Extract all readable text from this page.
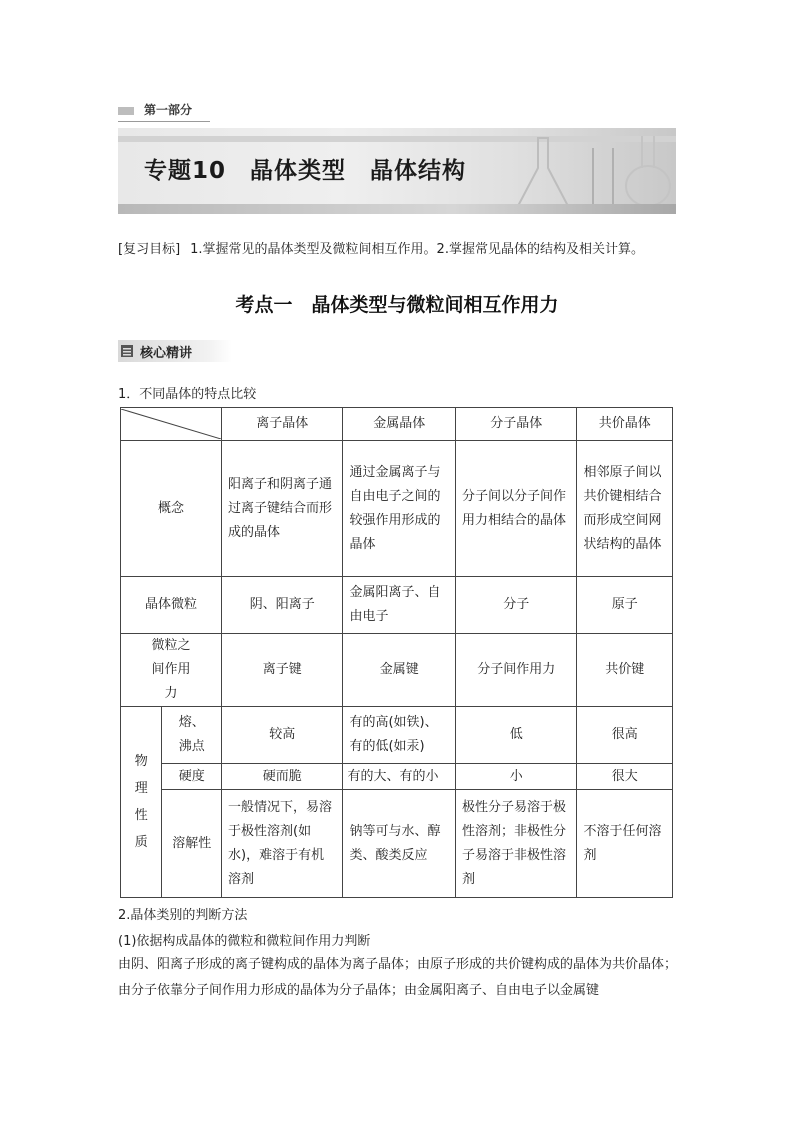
第一部分
专题10　晶体类型　晶体结构
[复习目标] 1.掌握常见的晶体类型及微粒间相互作用。2.掌握常见晶体的结构及相关计算。
考点一　晶体类型与微粒间相互作用力
核心精讲
1．不同晶体的特点比较
	离子晶体	金属晶体	分子晶体	共价晶体
概念		阳离子和阴离子通过离子键结合而形成的晶体	通过金属离子与自由电子之间的较强作用形成的晶体	分子间以分子间作用力相结合的晶体	相邻原子间以共价键相结合而形成空间网状结构的晶体
晶体微粒		阴、阳离子	金属阳离子、自由电子	分子	原子
微粒之间作用力		离子键	金属键	分子间作用力	共价键
物理性质	熔、沸点	较高	有的高(如铁)、有的低(如汞)	低	很高
	硬度	硬而脆	有的大、有的小	小	很大
	溶解性	一般情况下，易溶于极性溶剂(如水)，难溶于有机溶剂	钠等可与水、醇类、酸类反应	极性分子易溶于极性溶剂；非极性分子易溶于非极性溶剂	不溶于任何溶剂
2.晶体类别的判断方法
(1)依据构成晶体的微粒和微粒间作用力判断
由阴、阳离子形成的离子键构成的晶体为离子晶体；由原子形成的共价键构成的晶体为共价晶体；由分子依靠分子间作用力形成的晶体为分子晶体；由金属阳离子、自由电子以金属键
